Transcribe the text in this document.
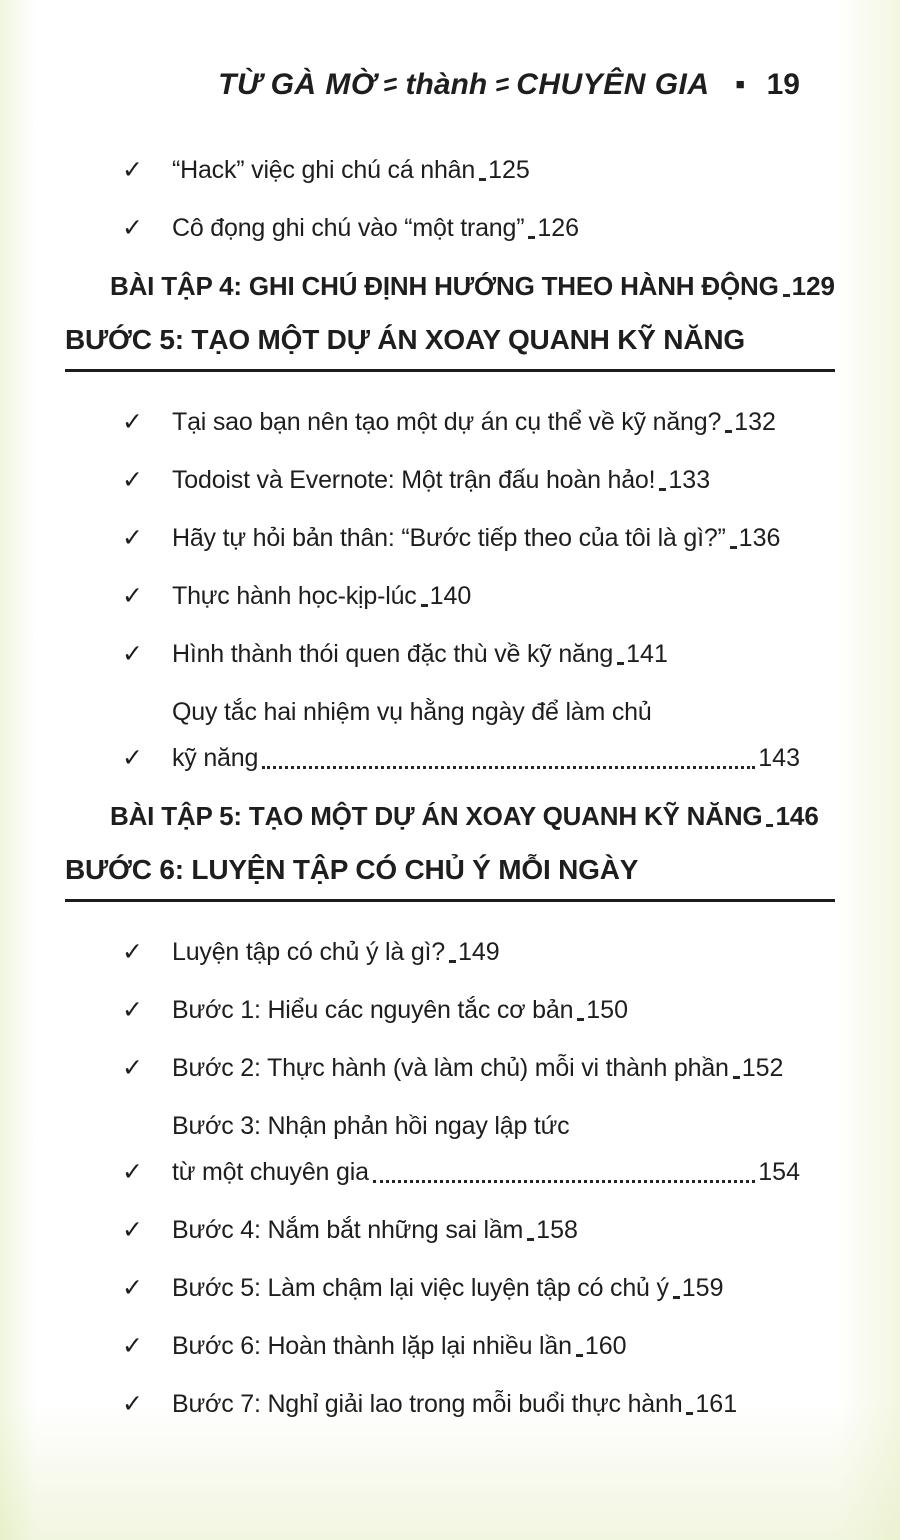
TỪ GÀ MỜ thành CHUYÊN GIA ■ 19
✓	“Hack” việc ghi chú cá nhân 125
✓	Cô đọng ghi chú vào “một trang” 126
BÀI TẬP 4: GHI CHÚ ĐỊNH HƯỚNG THEO HÀNH ĐỘNG 129
BƯỚC 5: TẠO MỘT DỰ ÁN XOAY QUANH KỸ NĂNG
✓	Tại sao bạn nên tạo một dự án cụ thể về kỹ năng? 132
✓	Todoist và Evernote: Một trận đấu hoàn hảo! 133
✓	Hãy tự hỏi bản thân: “Bước tiếp theo của tôi là gì?” 136
✓	Thực hành học-kịp-lúc 140
✓	Hình thành thói quen đặc thù về kỹ năng 141
✓
Quy tắc hai nhiệm vụ hằng ngày để làm chủ
kỹ năng	143
BÀI TẬP 5: TẠO MỘT DỰ ÁN XOAY QUANH KỸ NĂNG 146
BƯỚC 6: LUYỆN TẬP CÓ CHỦ Ý MỖI NGÀY
✓	Luyện tập có chủ ý là gì? 149
✓	Bước 1: Hiểu các nguyên tắc cơ bản 150
✓	Bước 2: Thực hành (và làm chủ) mỗi vi thành phần 152
✓
Bước 3: Nhận phản hồi ngay lập tức
từ một chuyên gia	154
✓	Bước 4: Nắm bắt những sai lầm 158
✓	Bước 5: Làm chậm lại việc luyện tập có chủ ý 159
✓	Bước 6: Hoàn thành lặp lại nhiều lần 160
✓	Bước 7: Nghỉ giải lao trong mỗi buổi thực hành 161
